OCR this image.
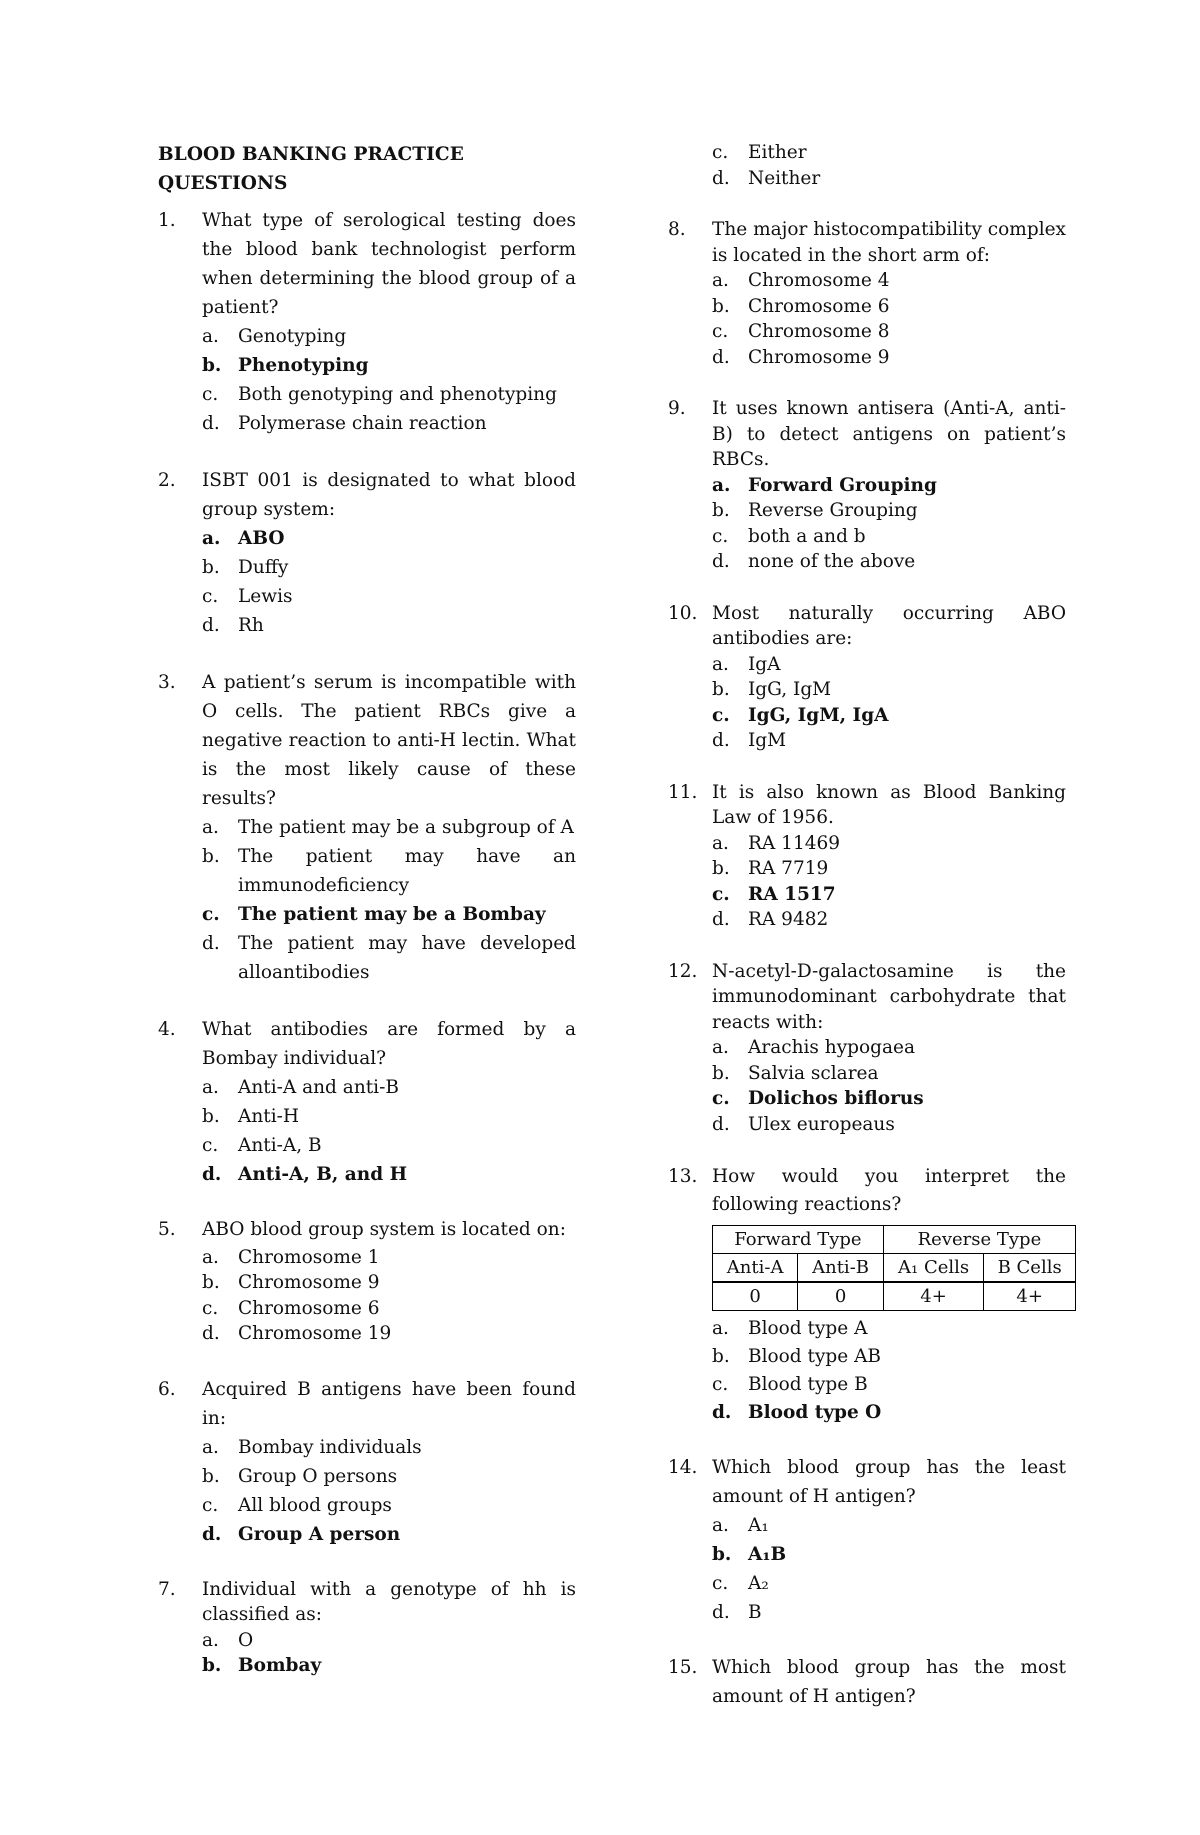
BLOOD BANKING PRACTICE QUESTIONS
1. What type of serological testing does the blood bank technologist perform when determining the blood group of a patient?
a. Genotyping
b. Phenotyping
c. Both genotyping and phenotyping
d. Polymerase chain reaction
2. ISBT 001 is designated to what blood group system:
a. ABO
b. Duffy
c. Lewis
d. Rh
3. A patient’s serum is incompatible with O cells. The patient RBCs give a negative reaction to anti-H lectin. What is the most likely cause of these results?
a. The patient may be a subgroup of A
b. The patient may have an immunodeficiency
c. The patient may be a Bombay
d. The patient may have developed alloantibodies
4. What antibodies are formed by a Bombay individual?
a. Anti-A and anti-B
b. Anti-H
c. Anti-A, B
d. Anti-A, B, and H
5. ABO blood group system is located on:
a. Chromosome 1
b. Chromosome 9
c. Chromosome 6
d. Chromosome 19
6. Acquired B antigens have been found in:
a. Bombay individuals
b. Group O persons
c. All blood groups
d. Group A person
7. Individual with a genotype of hh is classified as:
a. O
b. Bombay
c. Either
d. Neither
8. The major histocompatibility complex is located in the short arm of:
a. Chromosome 4
b. Chromosome 6
c. Chromosome 8
d. Chromosome 9
9. It uses known antisera (Anti-A, anti-B) to detect antigens on patient’s RBCs.
a. Forward Grouping
b. Reverse Grouping
c. both a and b
d. none of the above
10. Most naturally occurring ABO antibodies are:
a. IgA
b. IgG, IgM
c. IgG, IgM, IgA
d. IgM
11. It is also known as Blood Banking Law of 1956.
a. RA 11469
b. RA 7719
c. RA 1517
d. RA 9482
12. N-acetyl-D-galactosamine is the immunodominant carbohydrate that reacts with:
a. Arachis hypogaea
b. Salvia sclarea
c. Dolichos biflorus
d. Ulex europeaus
13. How would you interpret the following reactions?
Forward Type		Reverse Type	
Anti-A	Anti-B	A₁ Cells	B Cells
0	0	4+	4+
a. Blood type A
b. Blood type AB
c. Blood type B
d. Blood type O
14. Which blood group has the least amount of H antigen?
a. A₁
b. A₁B
c. A₂
d. B
15. Which blood group has the most amount of H antigen?
